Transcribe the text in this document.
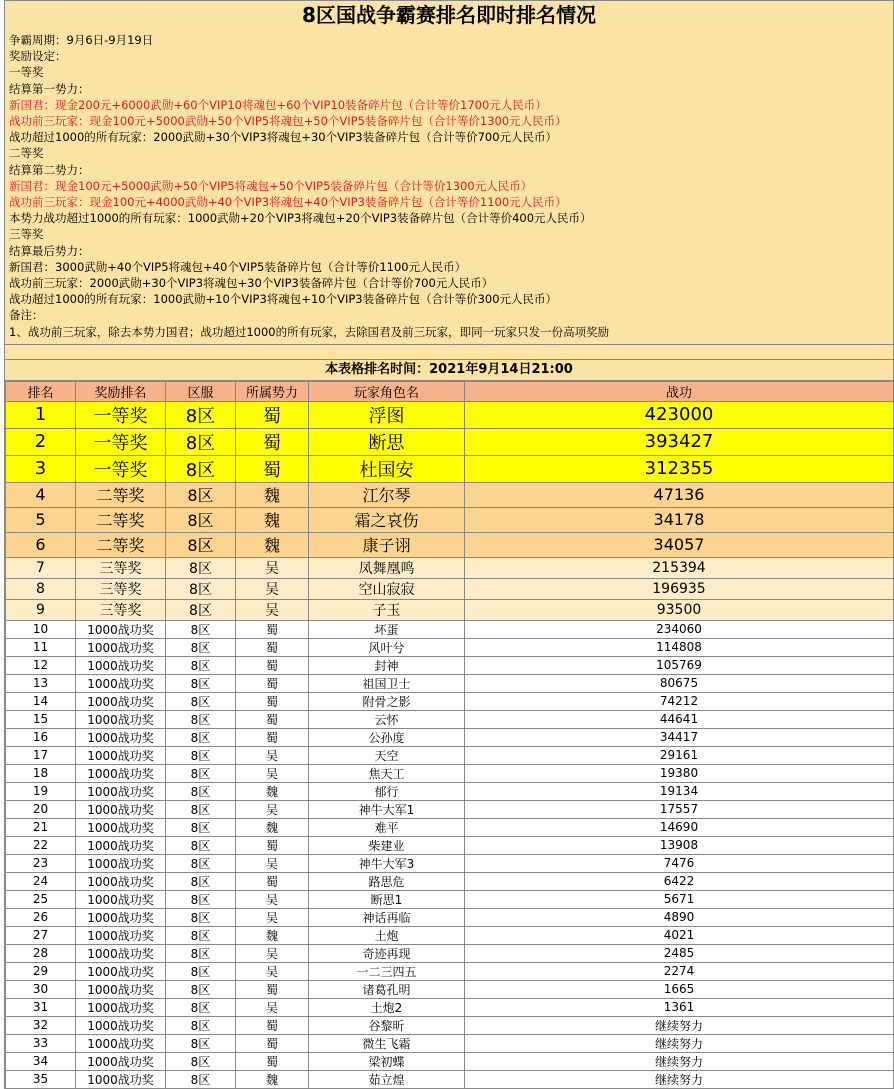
8区国战争霸赛排名即时排名情况
争霸周期：9月6日-9月19日
奖励设定：
一等奖
结算第一势力：
新国君：现金200元+6000武勋+60个VIP10将魂包+60个VIP10装备碎片包（合计等价1700元人民币）
战功前三玩家：现金100元+5000武勋+50个VIP5将魂包+50个VIP5装备碎片包（合计等价1300元人民币）
战功超过1000的所有玩家：2000武勋+30个VIP3将魂包+30个VIP3装备碎片包（合计等价700元人民币）
二等奖
结算第二势力：
新国君：现金100元+5000武勋+50个VIP5将魂包+50个VIP5装备碎片包（合计等价1300元人民币）
战功前三玩家：现金100元+4000武勋+40个VIP3将魂包+40个VIP3装备碎片包（合计等价1100元人民币）
本势力战功超过1000的所有玩家：1000武勋+20个VIP3将魂包+20个VIP3装备碎片包（合计等价400元人民币）
三等奖
结算最后势力：
新国君：3000武勋+40个VIP5将魂包+40个VIP5装备碎片包（合计等价1100元人民币）
战功前三玩家：2000武勋+30个VIP3将魂包+30个VIP3装备碎片包（合计等价700元人民币）
战功超过1000的所有玩家：1000武勋+10个VIP3将魂包+10个VIP3装备碎片包（合计等价300元人民币）
备注：
1、战功前三玩家，除去本势力国君；战功超过1000的所有玩家，去除国君及前三玩家，即同一玩家只发一份高项奖励
本表格排名时间：2021年9月14日21:00
排名	奖励排名	区服	所属势力	玩家角色名	战功
1	一等奖	8区	蜀	浮图	423000
2	一等奖	8区	蜀	断思	393427
3	一等奖	8区	蜀	杜国安	312355
4	二等奖	8区	魏	江尔琴	47136
5	二等奖	8区	魏	霜之哀伤	34178
6	二等奖	8区	魏	康子诩	34057
7	三等奖	8区	吴	凤舞凰鸣	215394
8	三等奖	8区	吴	空山寂寂	196935
9	三等奖	8区	吴	子玉	93500
10	1000战功奖	8区	蜀	坏蛋	234060
11	1000战功奖	8区	蜀	风叶兮	114808
12	1000战功奖	8区	蜀	封神	105769
13	1000战功奖	8区	蜀	祖国卫士	80675
14	1000战功奖	8区	蜀	附骨之影	74212
15	1000战功奖	8区	蜀	云怀	44641
16	1000战功奖	8区	蜀	公孙度	34417
17	1000战功奖	8区	吴	天空	29161
18	1000战功奖	8区	吴	焦天工	19380
19	1000战功奖	8区	魏	郁行	19134
20	1000战功奖	8区	吴	神牛大军1	17557
21	1000战功奖	8区	魏	难平	14690
22	1000战功奖	8区	蜀	柴建业	13908
23	1000战功奖	8区	吴	神牛大军3	7476
24	1000战功奖	8区	蜀	路思危	6422
25	1000战功奖	8区	吴	断思1	5671
26	1000战功奖	8区	吴	神话再临	4890
27	1000战功奖	8区	魏	土炮	4021
28	1000战功奖	8区	吴	奇迹再现	2485
29	1000战功奖	8区	吴	一二三四五	2274
30	1000战功奖	8区	蜀	诸葛孔明	1665
31	1000战功奖	8区	吴	土炮2	1361
32	1000战功奖	8区	蜀	谷黎昕	继续努力
33	1000战功奖	8区	蜀	微生飞霜	继续努力
34	1000战功奖	8区	蜀	梁初蝶	继续努力
35	1000战功奖	8区	魏	茹立煌	继续努力
